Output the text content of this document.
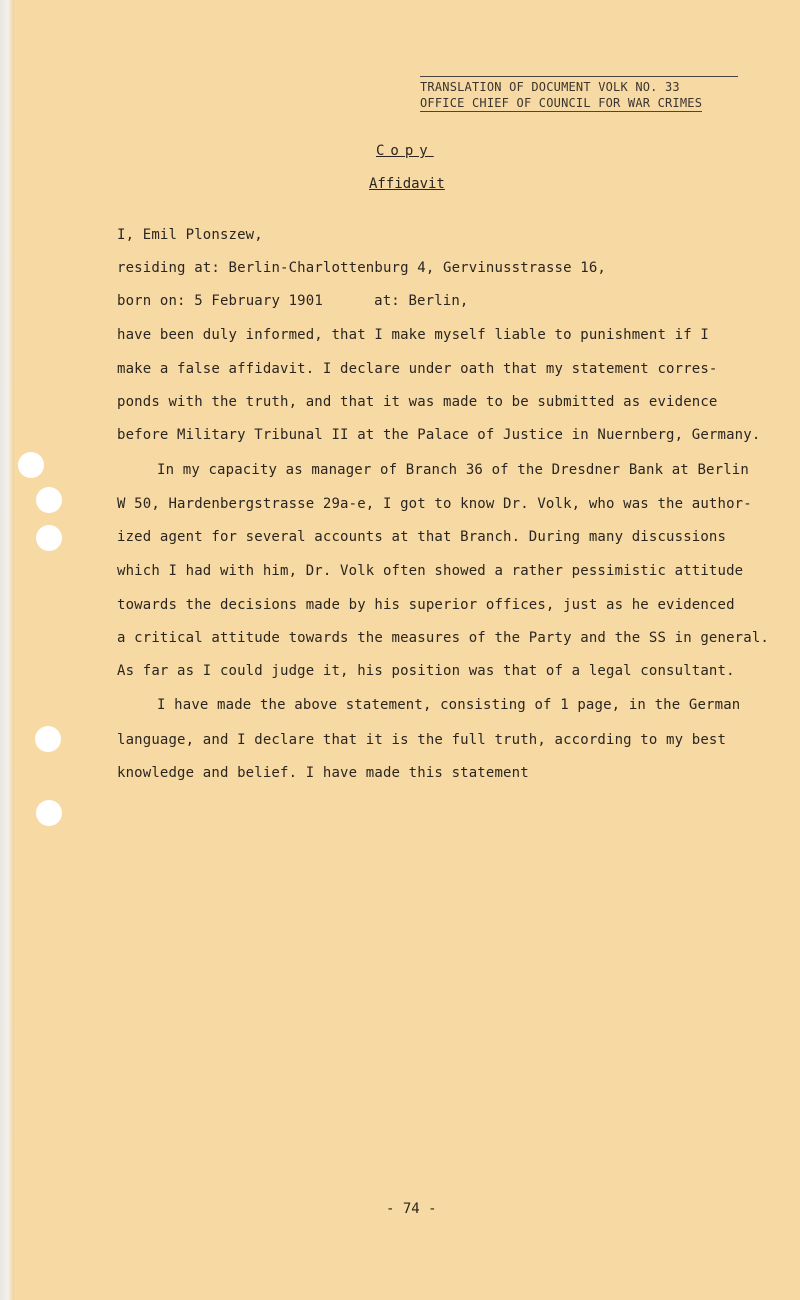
TRANSLATION OF DOCUMENT VOLK NO. 33
OFFICE CHIEF OF COUNCIL FOR WAR CRIMES
Copy
Affidavit
I, Emil Plonszew,
residing at: Berlin-Charlottenburg 4, Gervinusstrasse 16,
born on: 5 February 1901	at: Berlin,
have been duly informed, that I make myself liable to punishment if I
make a false affidavit. I declare under oath that my statement corres-
ponds with the truth, and that it was made to be submitted as evidence
before Military Tribunal II at the Palace of Justice in Nuernberg, Germany.
In my capacity as manager of Branch 36 of the Dresdner Bank at Berlin
W 50, Hardenbergstrasse 29a-e, I got to know Dr. Volk, who was the author-
ized agent for several accounts at that Branch. During many discussions
which I had with him, Dr. Volk often showed a rather pessimistic attitude
towards the decisions made by his superior offices, just as he evidenced
a critical attitude towards the measures of the Party and the SS in general.
As far as I could judge it, his position was that of a legal consultant.
I have made the above statement, consisting of 1 page, in the German
language, and I declare that it is the full truth, according to my best
knowledge and belief. I have made this statement
- 74 -
